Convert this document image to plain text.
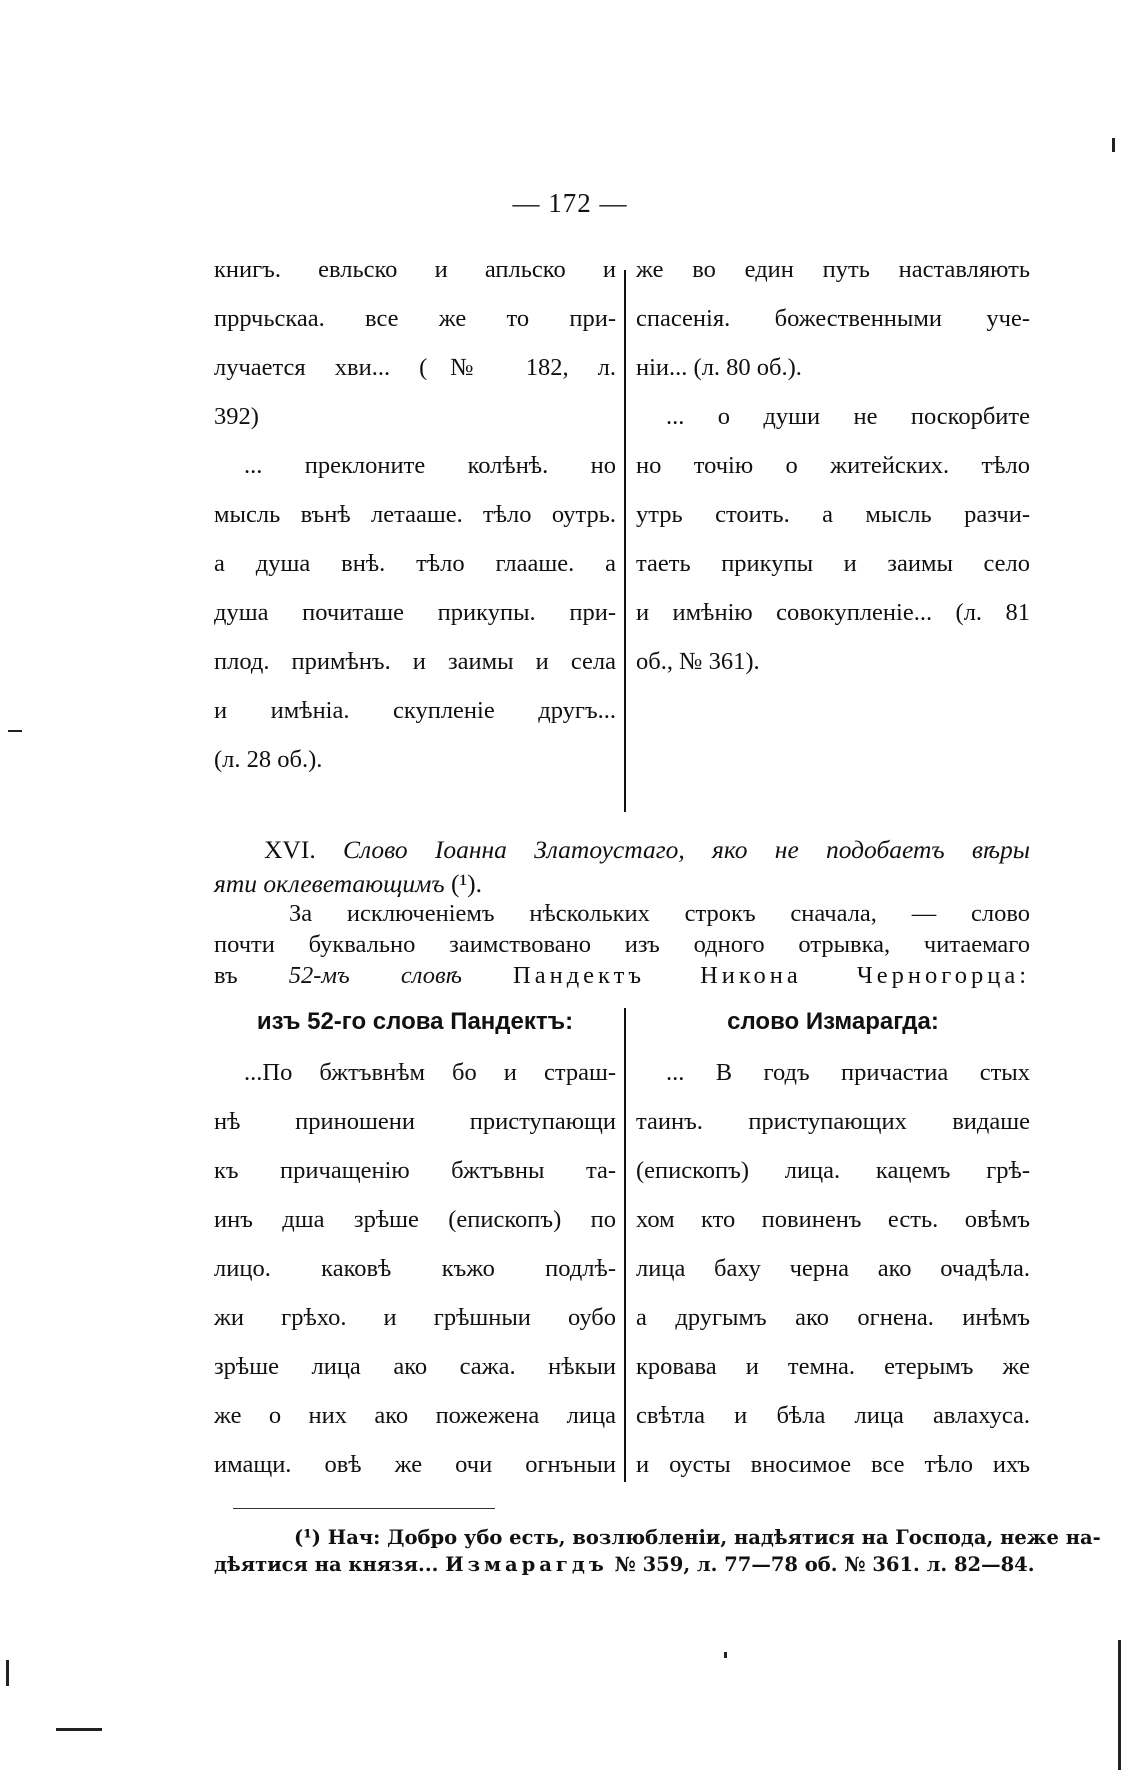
— 172 —
книгъ. евльско и апльско и
пррчьскаа. все же то при-
лучается хви... (№ 182, л.
392)
... преклоните колѣнѣ. но
мысль вънѣ летааше. тѣло оутрь.
а душа внѣ. тѣло глааше. а
душа почиташе прикупы. при-
плод. примѣнъ. и заимы и села
и имѣніа. скупленіе другъ...
(л. 28 об.).
же во един путь наставляють
спасенія. божественными уче-
ніи... (л. 80 об.).
... о души не поскорбите
но точію о житейских. тѣло
утрь стоить. а мысль разчи-
таеть прикупы и заимы село
и имѣнію совокупленіе... (л. 81
об., № 361).
XVI. Слово Іоанна Златоустаго, яко не подобаетъ вѣры
яти оклеветающимъ (¹).
За исключеніемъ нѣскольких строкъ сначала, — слово
почти буквально заимствовано изъ одного отрывка, читаемаго
въ 52-мъ словѣ Пандектъ Никона Черногорца:
изъ 52-го слова Пандектъ:	слово Измарагда:
...По бжтъвнѣм бо и страш-
нѣ приношени приступающи
къ причащенію бжтъвны та-
инъ дша зрѣше (епископъ) по
лицо. каковѣ къжо подлѣ-
жи грѣхо. и грѣшныи оубо
зрѣше лица ако сажа. нѣкыи
же о них ако пожежена лица
имащи. овѣ же очи огнъныи
... В годъ причастиа стых
таинъ. приступающих видаше
(епископъ) лица. кацемъ грѣ-
хом кто повиненъ есть. овѣмъ
лица баху черна ако очадѣла.
а другымъ ако огнена. инѣмъ
кровава и темна. етерымъ же
свѣтла и бѣла лица авлахуса.
и оусты вносимое все тѣло ихъ
(¹) Нач: Добро убо есть, возлюбленіи, надѣятися на Господа, неже на-
дѣятися на князя... Измарагдъ № 359, л. 77—78 об. № 361. л. 82—84.
